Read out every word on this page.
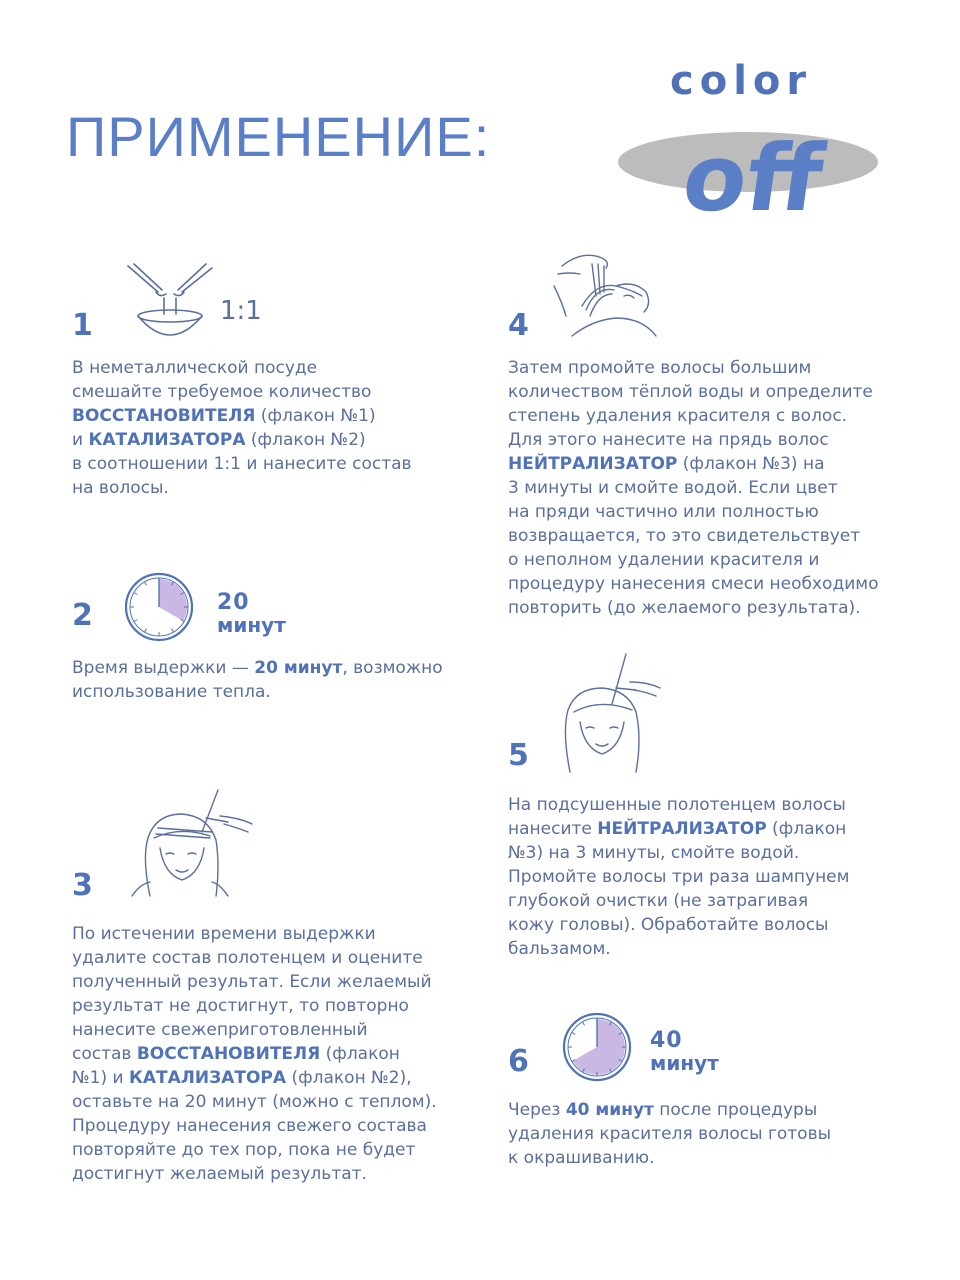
ПРИМЕНЕНИЕ:
color
off
1	1:1

В неметаллической посуде
смешайте требуемое количество
ВОССТАНОВИТЕЛЯ (флакон №1)
и КАТАЛИЗАТОРА (флакон №2)
в соотношении 1:1 и нанесите состав
на волосы.

2	20
минут

Время выдержки — 20 минут, возможно
использование тепла.

3

По истечении времени выдержки
удалите состав полотенцем и оцените
полученный результат. Если желаемый
результат не достигнут, то повторно
нанесите свежеприготовленный
состав ВОССТАНОВИТЕЛЯ (флакон
№1) и КАТАЛИЗАТОРА (флакон №2),
оставьте на 20 минут (можно с теплом).
Процедуру нанесения свежего состава
повторяйте до тех пор, пока не будет
достигнут желаемый результат.

4

Затем промойте волосы большим
количеством тёплой воды и определите
степень удаления красителя с волос.
Для этого нанесите на прядь волос
НЕЙТРАЛИЗАТОР (флакон №3) на
3 минуты и смойте водой. Если цвет
на пряди частично или полностью
возвращается, то это свидетельствует
о неполном удалении красителя и
процедуру нанесения смеси необходимо
повторить (до желаемого результата).

5

На подсушенные полотенцем волосы
нанесите НЕЙТРАЛИЗАТОР (флакон
№3) на 3 минуты, смойте водой.
Промойте волосы три раза шампунем
глубокой очистки (не затрагивая
кожу головы). Обработайте волосы
бальзамом.

6
40
минут

Через 40 минут после процедуры
удаления красителя волосы готовы
к окрашиванию.
